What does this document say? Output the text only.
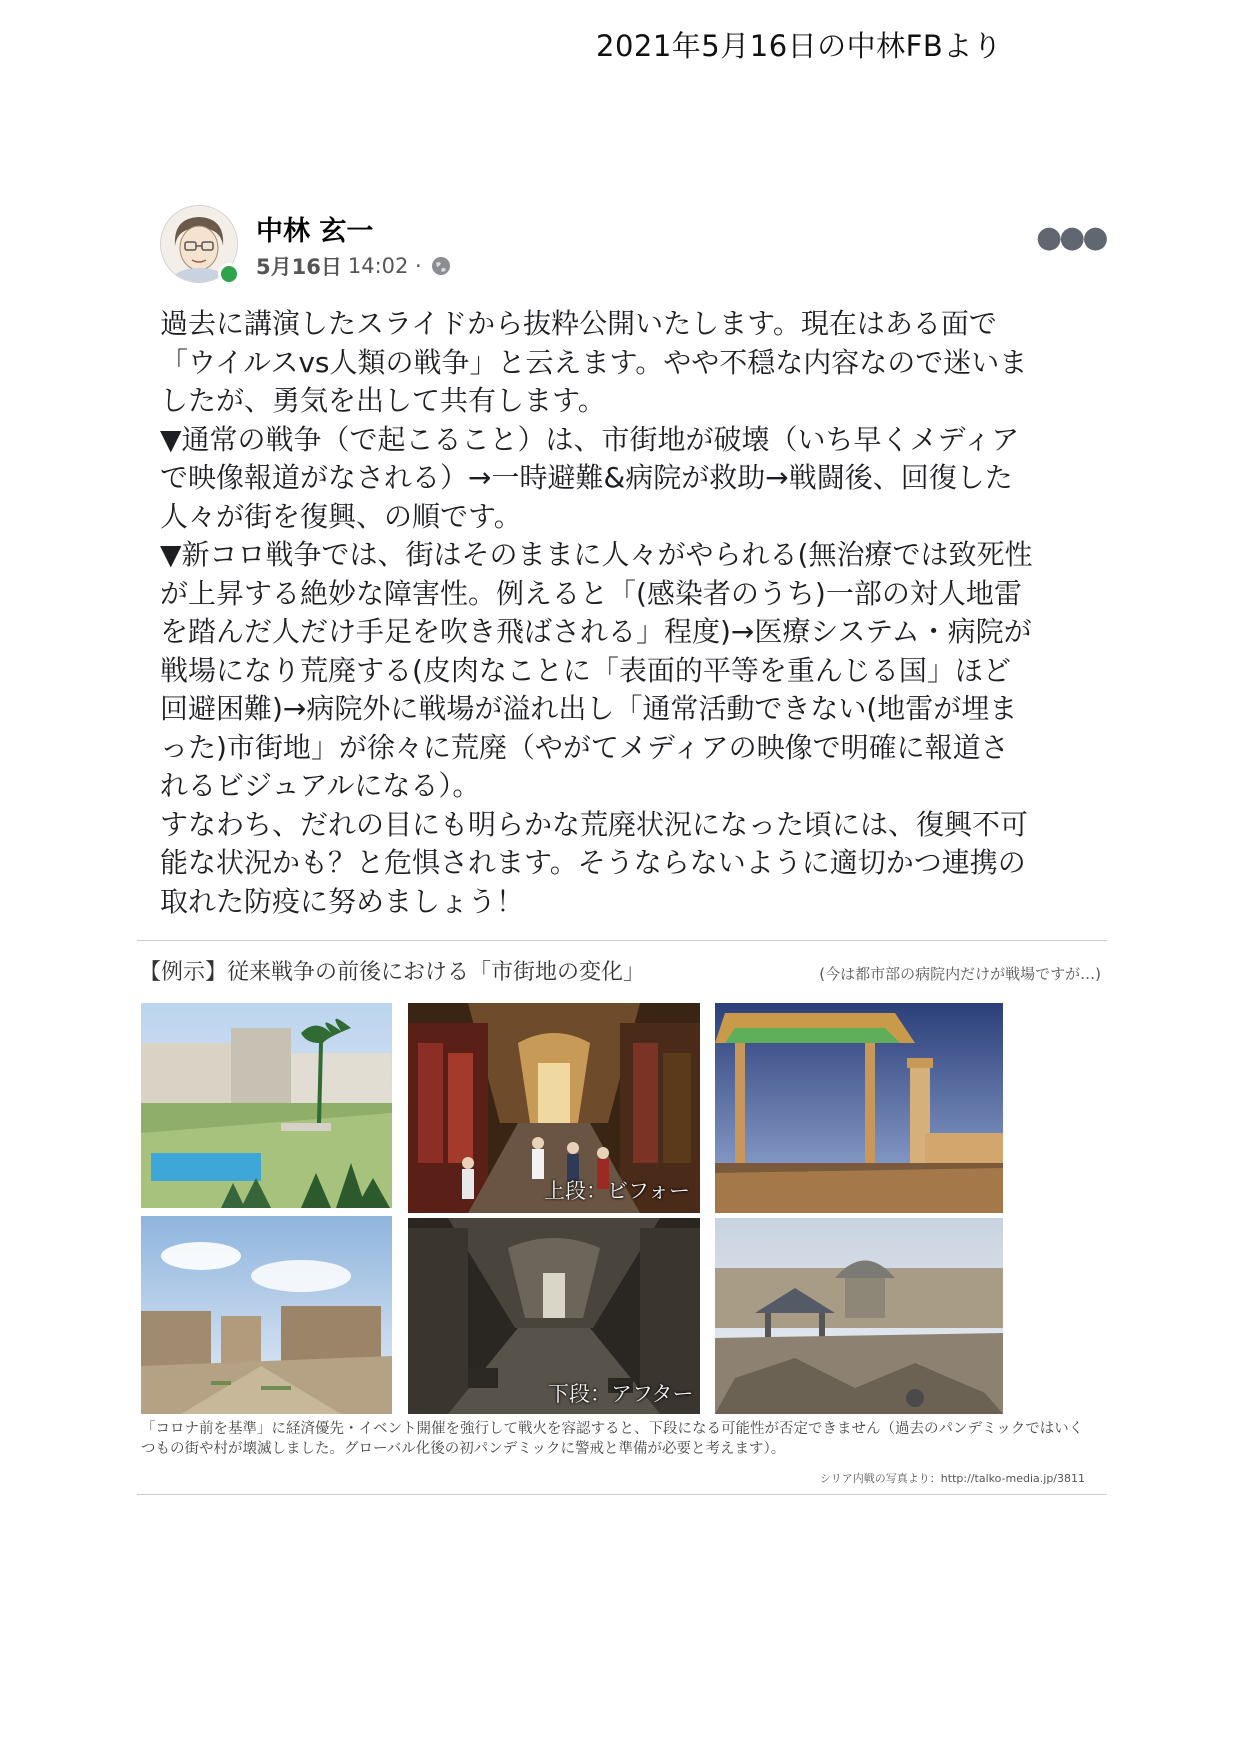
2021年5月16日の中林FBより
中林 玄一
5月16日 14:02 ·
●●●
過去に講演したスライドから抜粋公開いたします。現在はある面で
「ウイルスvs人類の戦争」と云えます。やや不穏な内容なので迷いま
したが、勇気を出して共有します。
▼通常の戦争（で起こること）は、市街地が破壊（いち早くメディア
で映像報道がなされる）→一時避難&病院が救助→戦闘後、回復した
人々が街を復興、の順です。
▼新コロ戦争では、街はそのままに人々がやられる(無治療では致死性
が上昇する絶妙な障害性。例えると「(感染者のうち)一部の対人地雷
を踏んだ人だけ手足を吹き飛ばされる」程度)→医療システム・病院が
戦場になり荒廃する(皮肉なことに「表面的平等を重んじる国」ほど
回避困難)→病院外に戦場が溢れ出し「通常活動できない(地雷が埋ま
った)市街地」が徐々に荒廃（やがてメディアの映像で明確に報道さ
れるビジュアルになる）。
すなわち、だれの目にも明らかな荒廃状況になった頃には、復興不可
能な状況かも？と危惧されます。そうならないように適切かつ連携の
取れた防疫に努めましょう！
【例示】従来戦争の前後における「市街地の変化」	(今は都市部の病院内だけが戦場ですが…)
上段：ビフォー
下段：アフター
「コロナ前を基準」に経済優先・イベント開催を強行して戦火を容認すると、下段になる可能性が否定できません（過去のパンデミックではいくつもの街や村が壊滅しました。グローバル化後の初パンデミックに警戒と準備が必要と考えます）。
シリア内戦の写真より：http://talko-media.jp/3811
